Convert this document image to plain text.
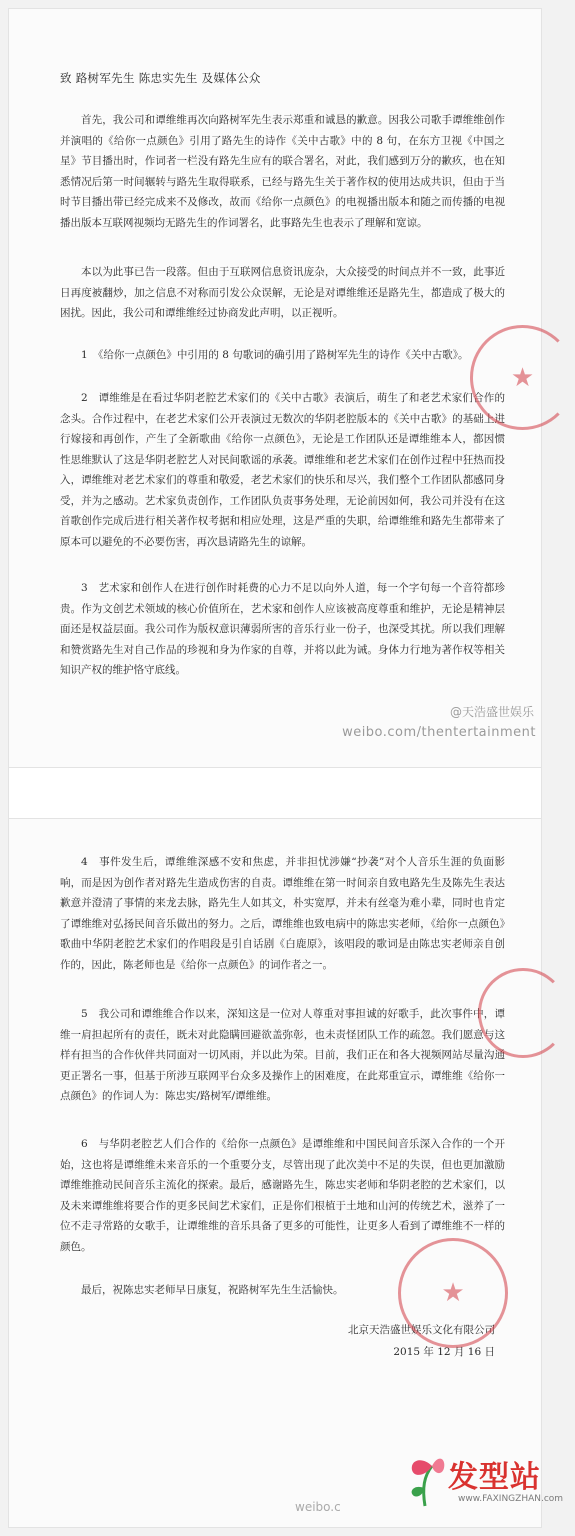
致 路树军先生 陈忠实先生 及媒体公众

首先，我公司和谭维维再次向路树军先生表示郑重和诚恳的歉意。因我公司歌手谭维维创作并演唱的《给你一点颜色》引用了路先生的诗作《关中古歌》中的 8 句，在东方卫视《中国之星》节目播出时，作词者一栏没有路先生应有的联合署名，对此，我们感到万分的歉疚，也在知悉情况后第一时间辗转与路先生取得联系，已经与路先生关于著作权的使用达成共识，但由于当时节目播出带已经完成来不及修改，故而《给你一点颜色》的电视播出版本和随之而传播的电视播出版本互联网视频均无路先生的作词署名，此事路先生也表示了理解和宽谅。

本以为此事已告一段落。但由于互联网信息资讯庞杂，大众接受的时间点并不一致，此事近日再度被翻炒，加之信息不对称而引发公众误解，无论是对谭维维还是路先生，都造成了极大的困扰。因此，我公司和谭维维经过协商发此声明，以正视听。

1　《给你一点颜色》中引用的 8 句歌词的确引用了路树军先生的诗作《关中古歌》。

2　谭维维是在看过华阴老腔艺术家们的《关中古歌》表演后，萌生了和老艺术家们合作的念头。合作过程中，在老艺术家们公开表演过无数次的华阴老腔版本的《关中古歌》的基础上进行嫁接和再创作，产生了全新歌曲《给你一点颜色》，无论是工作团队还是谭维维本人，都因惯性思维默认了这是华阴老腔艺人对民间歌谣的承袭。谭维维和老艺术家们在创作过程中狂热而投入，谭维维对老艺术家们的尊重和敬爱，老艺术家们的快乐和尽兴，我们整个工作团队都感同身受，并为之感动。艺术家负责创作，工作团队负责事务处理，无论前因如何，我公司并没有在这首歌创作完成后进行相关著作权考据和相应处理，这是严重的失职，给谭维维和路先生都带来了原本可以避免的不必要伤害，再次恳请路先生的谅解。

3　艺术家和创作人在进行创作时耗费的心力不足以向外人道，每一个字句每一个音符都珍贵。作为文创艺术领域的核心价值所在，艺术家和创作人应该被高度尊重和维护，无论是精神层面还是权益层面。我公司作为版权意识薄弱所害的音乐行业一份子，也深受其扰。所以我们理解和赞赏路先生对自己作品的珍视和身为作家的自尊，并将以此为诫。身体力行地为著作权等相关知识产权的维护恪守底线。

@天浩盛世娱乐
weibo.com/thentertainment

4　事件发生后，谭维维深感不安和焦虑，并非担忧涉嫌“抄袭”对个人音乐生涯的负面影响，而是因为创作者对路先生造成伤害的自责。谭维维在第一时间亲自致电路先生及陈先生表达歉意并澄清了事情的来龙去脉，路先生人如其文，朴实宽厚，并未有丝毫为难小辈，同时也肯定了谭维维对弘扬民间音乐做出的努力。之后，谭维维也致电病中的陈忠实老师，《给你一点颜色》歌曲中华阴老腔艺术家们的作唱段是引自话剧《白鹿原》，该唱段的歌词是由陈忠实老师亲自创作的，因此，陈老师也是《给你一点颜色》的词作者之一。

5　我公司和谭维维合作以来，深知这是一位对人尊重对事担诚的好歌手，此次事件中，谭维一肩担起所有的责任，既未对此隐瞒回避欲盖弥彰，也未责怪团队工作的疏忽。我们愿意与这样有担当的合作伙伴共同面对一切风雨，并以此为荣。目前，我们正在和各大视频网站尽量沟通更正署名一事，但基于所涉互联网平台众多及操作上的困难度，在此郑重宣示，谭维维《给你一点颜色》的作词人为：陈忠实/路树军/谭维维。

6　与华阴老腔艺人们合作的《给你一点颜色》是谭维维和中国民间音乐深入合作的一个开始，这也将是谭维维未来音乐的一个重要分支，尽管出现了此次美中不足的失误，但也更加激励谭维维推动民间音乐主流化的探索。最后，感谢路先生，陈忠实老师和华阴老腔的艺术家们，以及未来谭维维将要合作的更多民间艺术家们，正是你们根植于土地和山河的传统艺术，滋养了一位不走寻常路的女歌手，让谭维维的音乐具备了更多的可能性，让更多人看到了谭维维不一样的颜色。

最后，祝陈忠实老师早日康复，祝路树军先生生活愉快。

北京天浩盛世娱乐文化有限公司
2015 年 12 月 16 日
★
★
weibo.c
发型站
www.FAXINGZHAN.com
